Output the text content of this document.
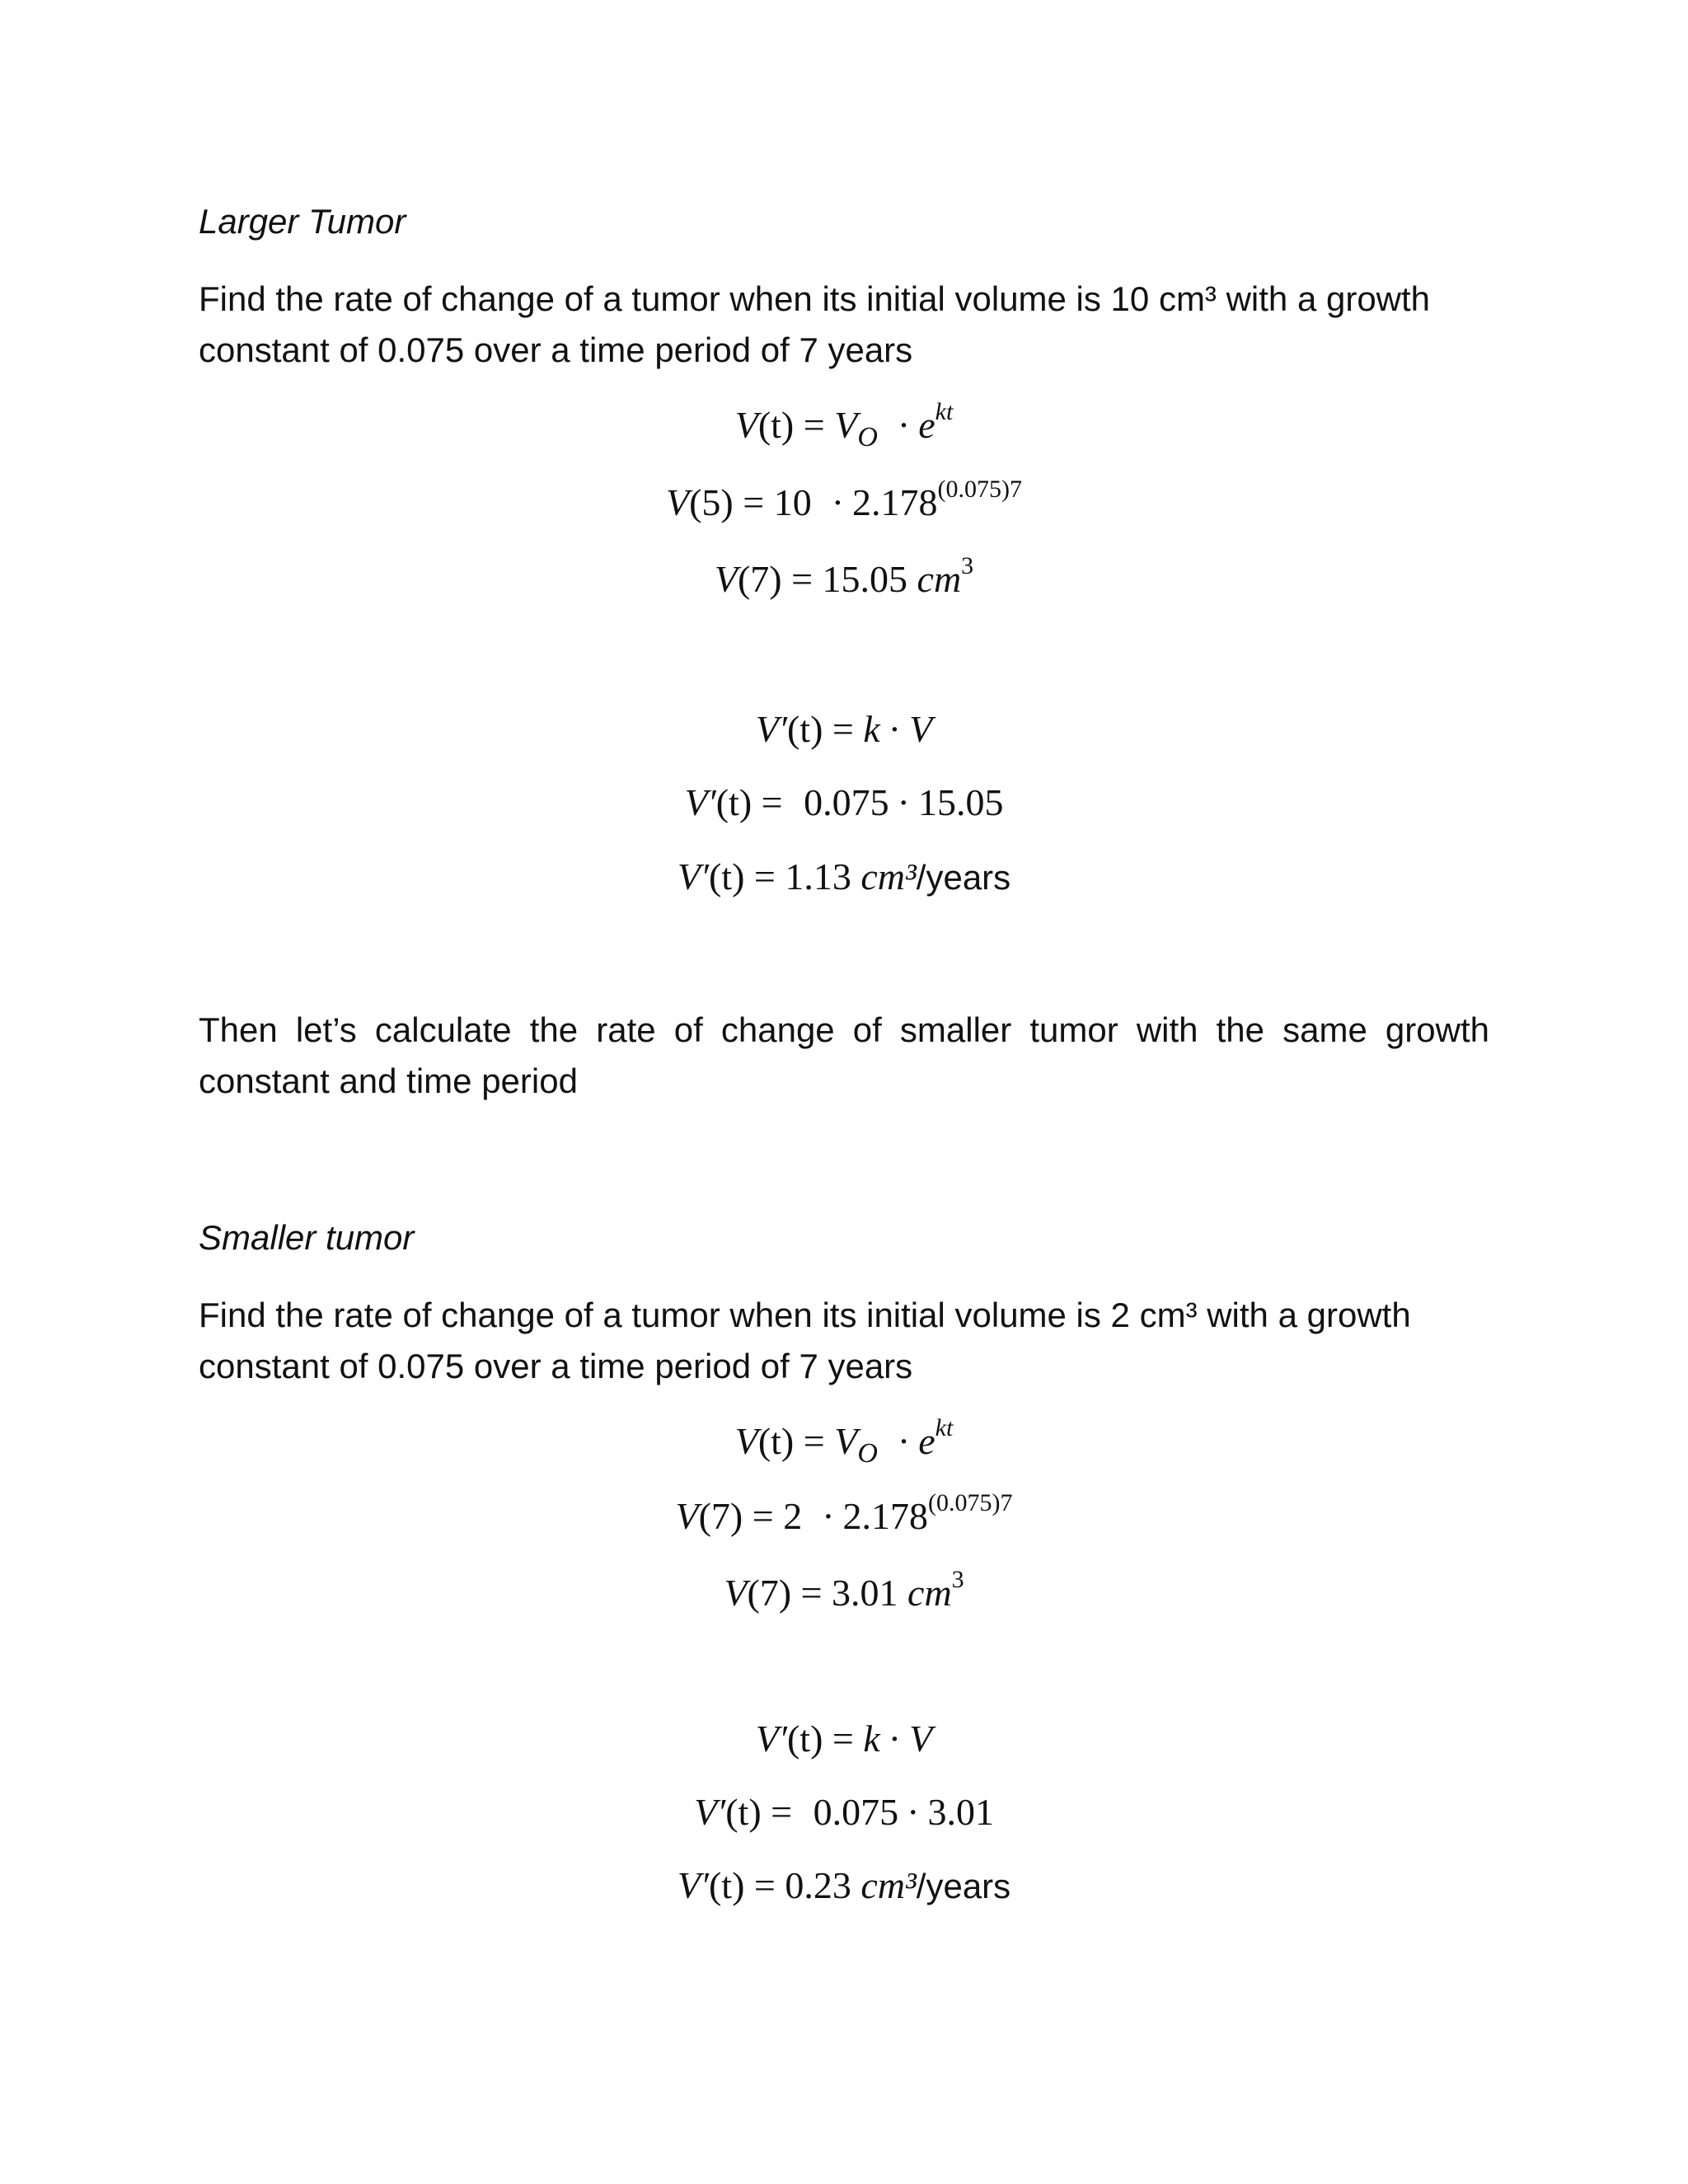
Larger Tumor
Find the rate of change of a tumor when its initial volume is 10 cm³ with a growth
constant of 0.075 over a time period of 7 years
$V(t) = V_O \cdot e^{kt}$
$V(5) = 10 \cdot 2.178^{(0.075)7}$
V(7) = 15.05 $cm^3$
V′(t) = k · V
V′(t) = 0.075 · 15.05
V′(t) = 1.13 cm³/years
Then let’s calculate the rate of change of smaller tumor with the same growth
constant and time period
Smaller tumor
Find the rate of change of a tumor when its initial volume is 2 cm³ with a growth
constant of 0.075 over a time period of 7 years
$V(t) = V_O \cdot e^{kt}$
$V(7) = 2 \cdot 2.178^{(0.075)7}$
V(7) = 3.01 $cm^3$
V′(t) = k · V
V′(t) = 0.075 · 3.01
V′(t) = 0.23 cm³/years
